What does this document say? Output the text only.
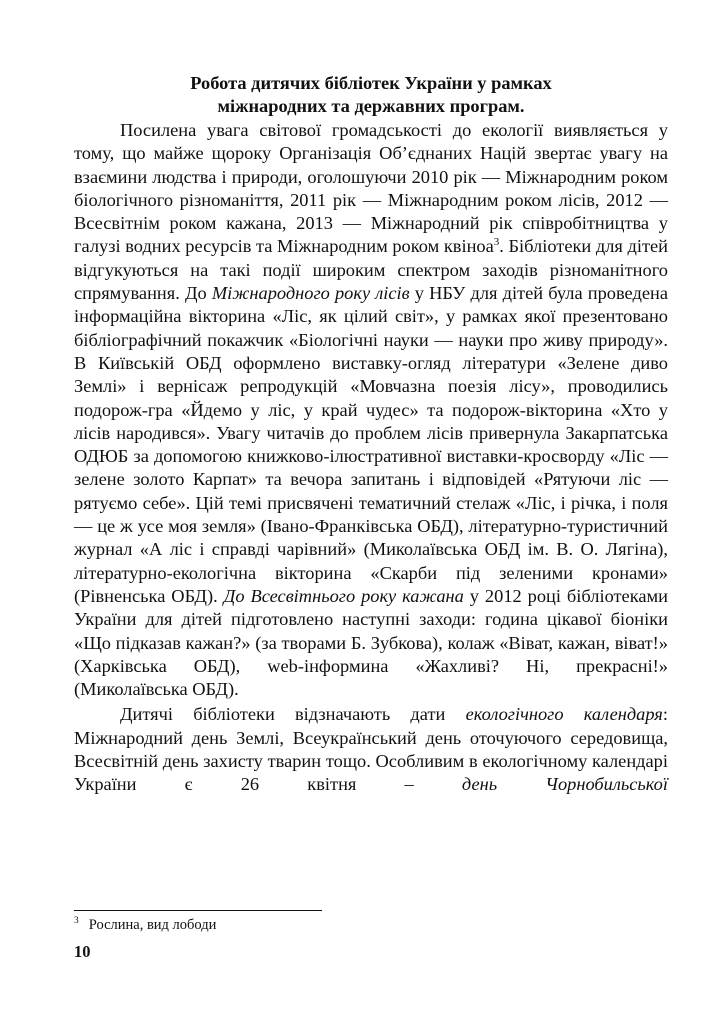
Робота дитячих бібліотек України у рамках
міжнародних та державних програм.

Посилена увага світової громадськості до екології виявляється у тому, що майже щороку Організація Об’єднаних Націй звертає увагу на взаємини людства і природи, оголошуючи 2010 рік — Міжнародним роком біологічного різноманіття, 2011 рік — Міжнародним роком лісів, 2012 — Всесвітнім роком кажана, 2013 — Міжнародний рік співробітництва у галузі водних ресурсів та Міжнародним роком квіноа$^3$. Бібліотеки для дітей відгукуються на такі події широким спектром заходів різноманітного спрямування. До Міжнародного року лісів у НБУ для дітей була проведена інформаційна вікторина «Ліс, як цілий світ», у рамках якої презентовано бібліографічний покажчик «Біологічні науки — науки про живу природу». В Київській ОБД оформлено виставку-огляд літератури «Зелене диво Землі» і вернісаж репродукцій «Мовчазна поезія лісу», проводились подорож-гра «Йдемо у ліс, у край чудес» та подорож-вікторина «Хто у лісів народився». Увагу читачів до проблем лісів привернула Закарпатська ОДЮБ за допомогою книжково-ілюстративної виставки-кросворду «Ліс — зелене золото Карпат» та вечора запитань і відповідей «Рятуючи ліс — рятуємо себе». Цій темі присвячені тематичний стелаж «Ліс, і річка, і поля — це ж усе моя земля» (Івано-Франківська ОБД), літературно-туристичний журнал «А ліс і справді чарівний» (Миколаївська ОБД ім. В. О. Лягіна), літературно-екологічна вікторина «Скарби під зеленими кронами» (Рівненська ОБД). До Всесвітнього року кажана у 2012 році бібліотеками України для дітей підготовлено наступні заходи: година цікавої біоніки «Що підказав кажан?» (за творами Б. Зубкова), колаж «Віват, кажан, віват!» (Харківська ОБД), web-інформина «Жахливі? Ні, прекрасні!» (Миколаївська ОБД).

Дитячі бібліотеки відзначають дати екологічного календаря: Міжнародний день Землі, Всеукраїнський день оточуючого середовища, Всесвітній день захисту тварин тощо. Особливим в екологічному календарі України є 26 квітня – день Чорнобильської

$^3$ Рослина, вид лободи
10
